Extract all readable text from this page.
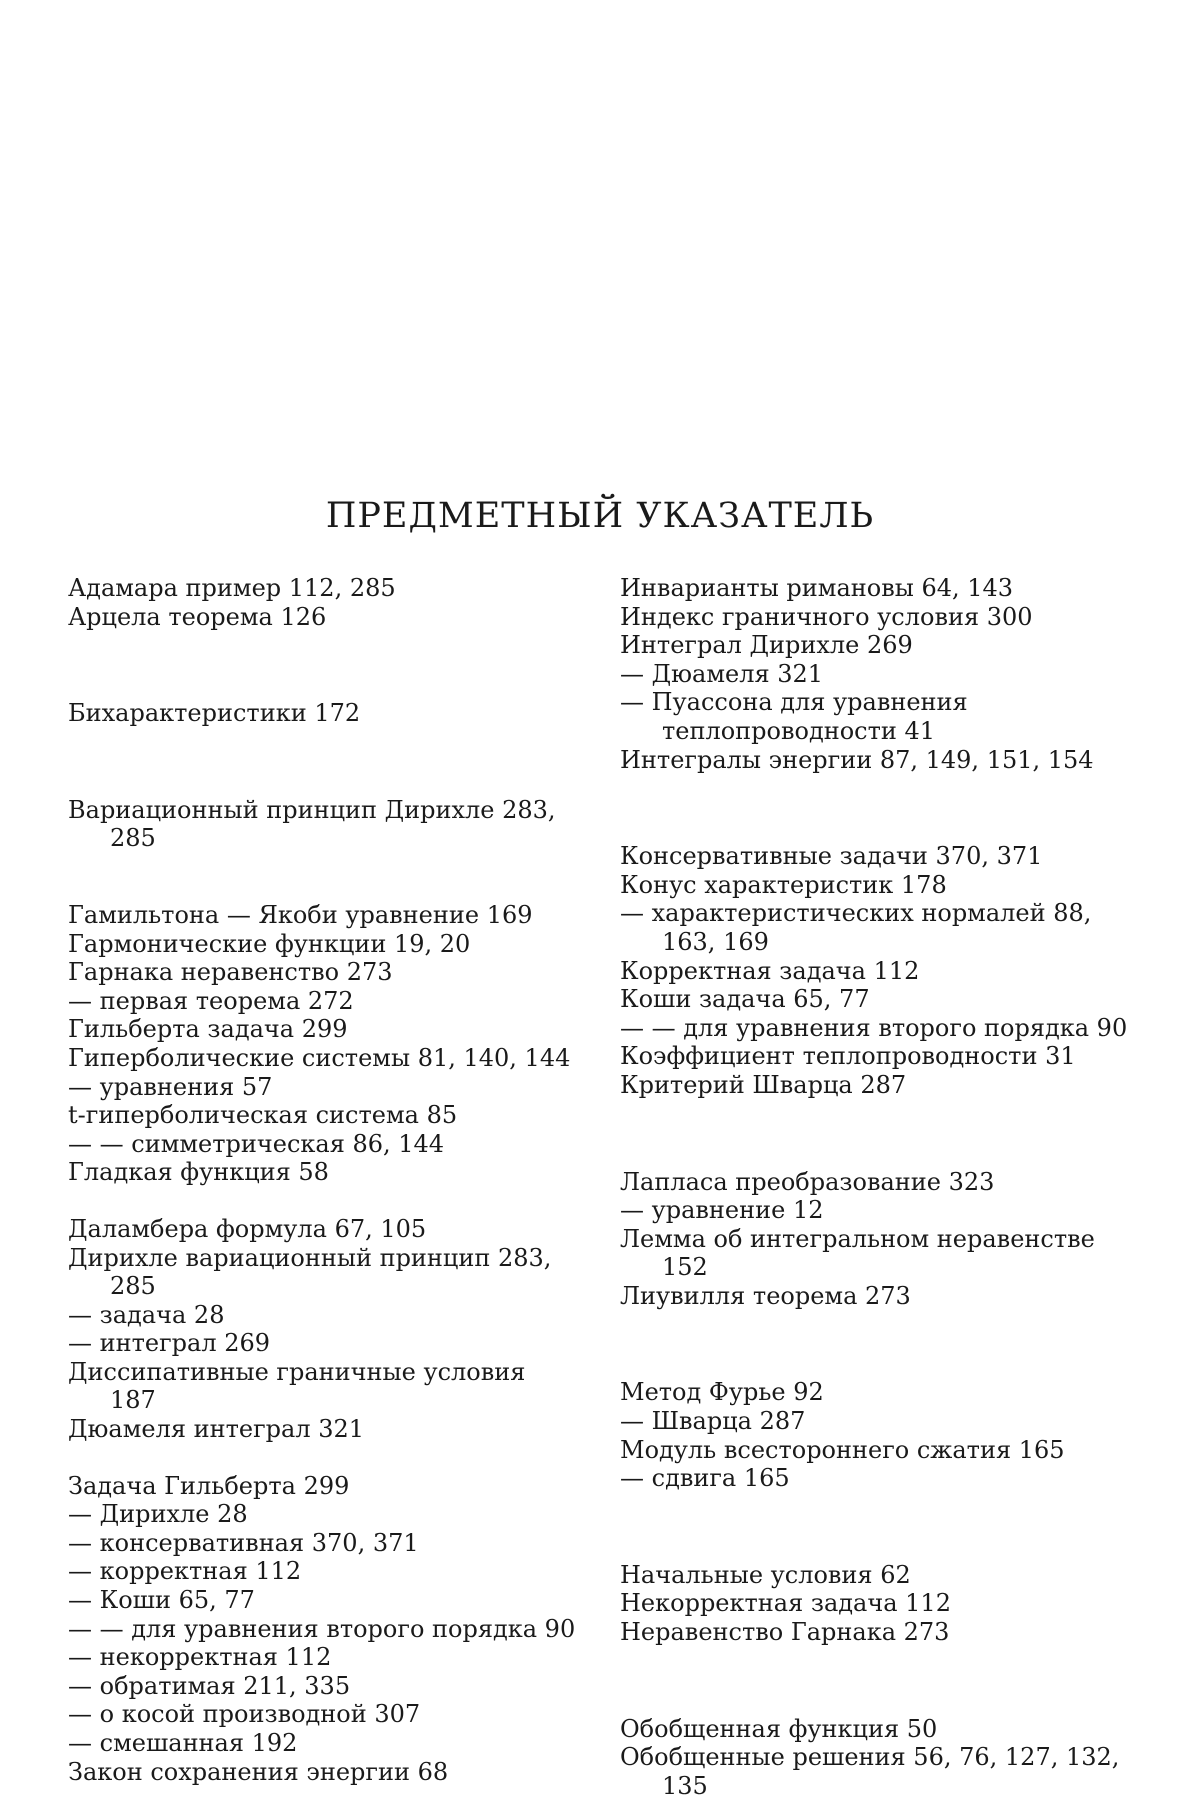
ПРЕДМЕТНЫЙ УКАЗАТЕЛЬ
Адамара пример 112, 285
Арцела теорема 126
Бихарактеристики 172
Вариационный принцип Дирихле 283, 285
Гамильтона — Якоби уравнение 169
Гармонические функции 19, 20
Гарнака неравенство 273
— первая теорема 272
Гильберта задача 299
Гиперболические системы 81, 140, 144
— уравнения 57
t-гиперболическая система 85
— — симметрическая 86, 144
Гладкая функция 58
Даламбера формула 67, 105
Дирихле вариационный принцип 283, 285
— задача 28
— интеграл 269
Диссипативные граничные условия 187
Дюамеля интеграл 321
Задача Гильберта 299
— Дирихле 28
— консервативная 370, 371
— корректная 112
— Коши 65, 77
— — для уравнения второго порядка 90
— некорректная 112
— обратимая 211, 335
— о косой производной 307
— смешанная 192
Закон сохранения энергии 68
Инварианты римановы 64, 143
Индекс граничного условия 300
Интеграл Дирихле 269
— Дюамеля 321
— Пуассона для уравнения теплопроводности 41
Интегралы энергии 87, 149, 151, 154
Консервативные задачи 370, 371
Конус характеристик 178
— характеристических нормалей 88, 163, 169
Корректная задача 112
Коши задача 65, 77
— — для уравнения второго порядка 90
Коэффициент теплопроводности 31
Критерий Шварца 287
Лапласа преобразование 323
— уравнение 12
Лемма об интегральном неравенстве 152
Лиувилля теорема 273
Метод Фурье 92
— Шварца 287
Модуль всестороннего сжатия 165
— сдвига 165
Начальные условия 62
Некорректная задача 112
Неравенство Гарнака 273
Обобщенная функция 50
Обобщенные решения 56, 76, 127, 132, 135
